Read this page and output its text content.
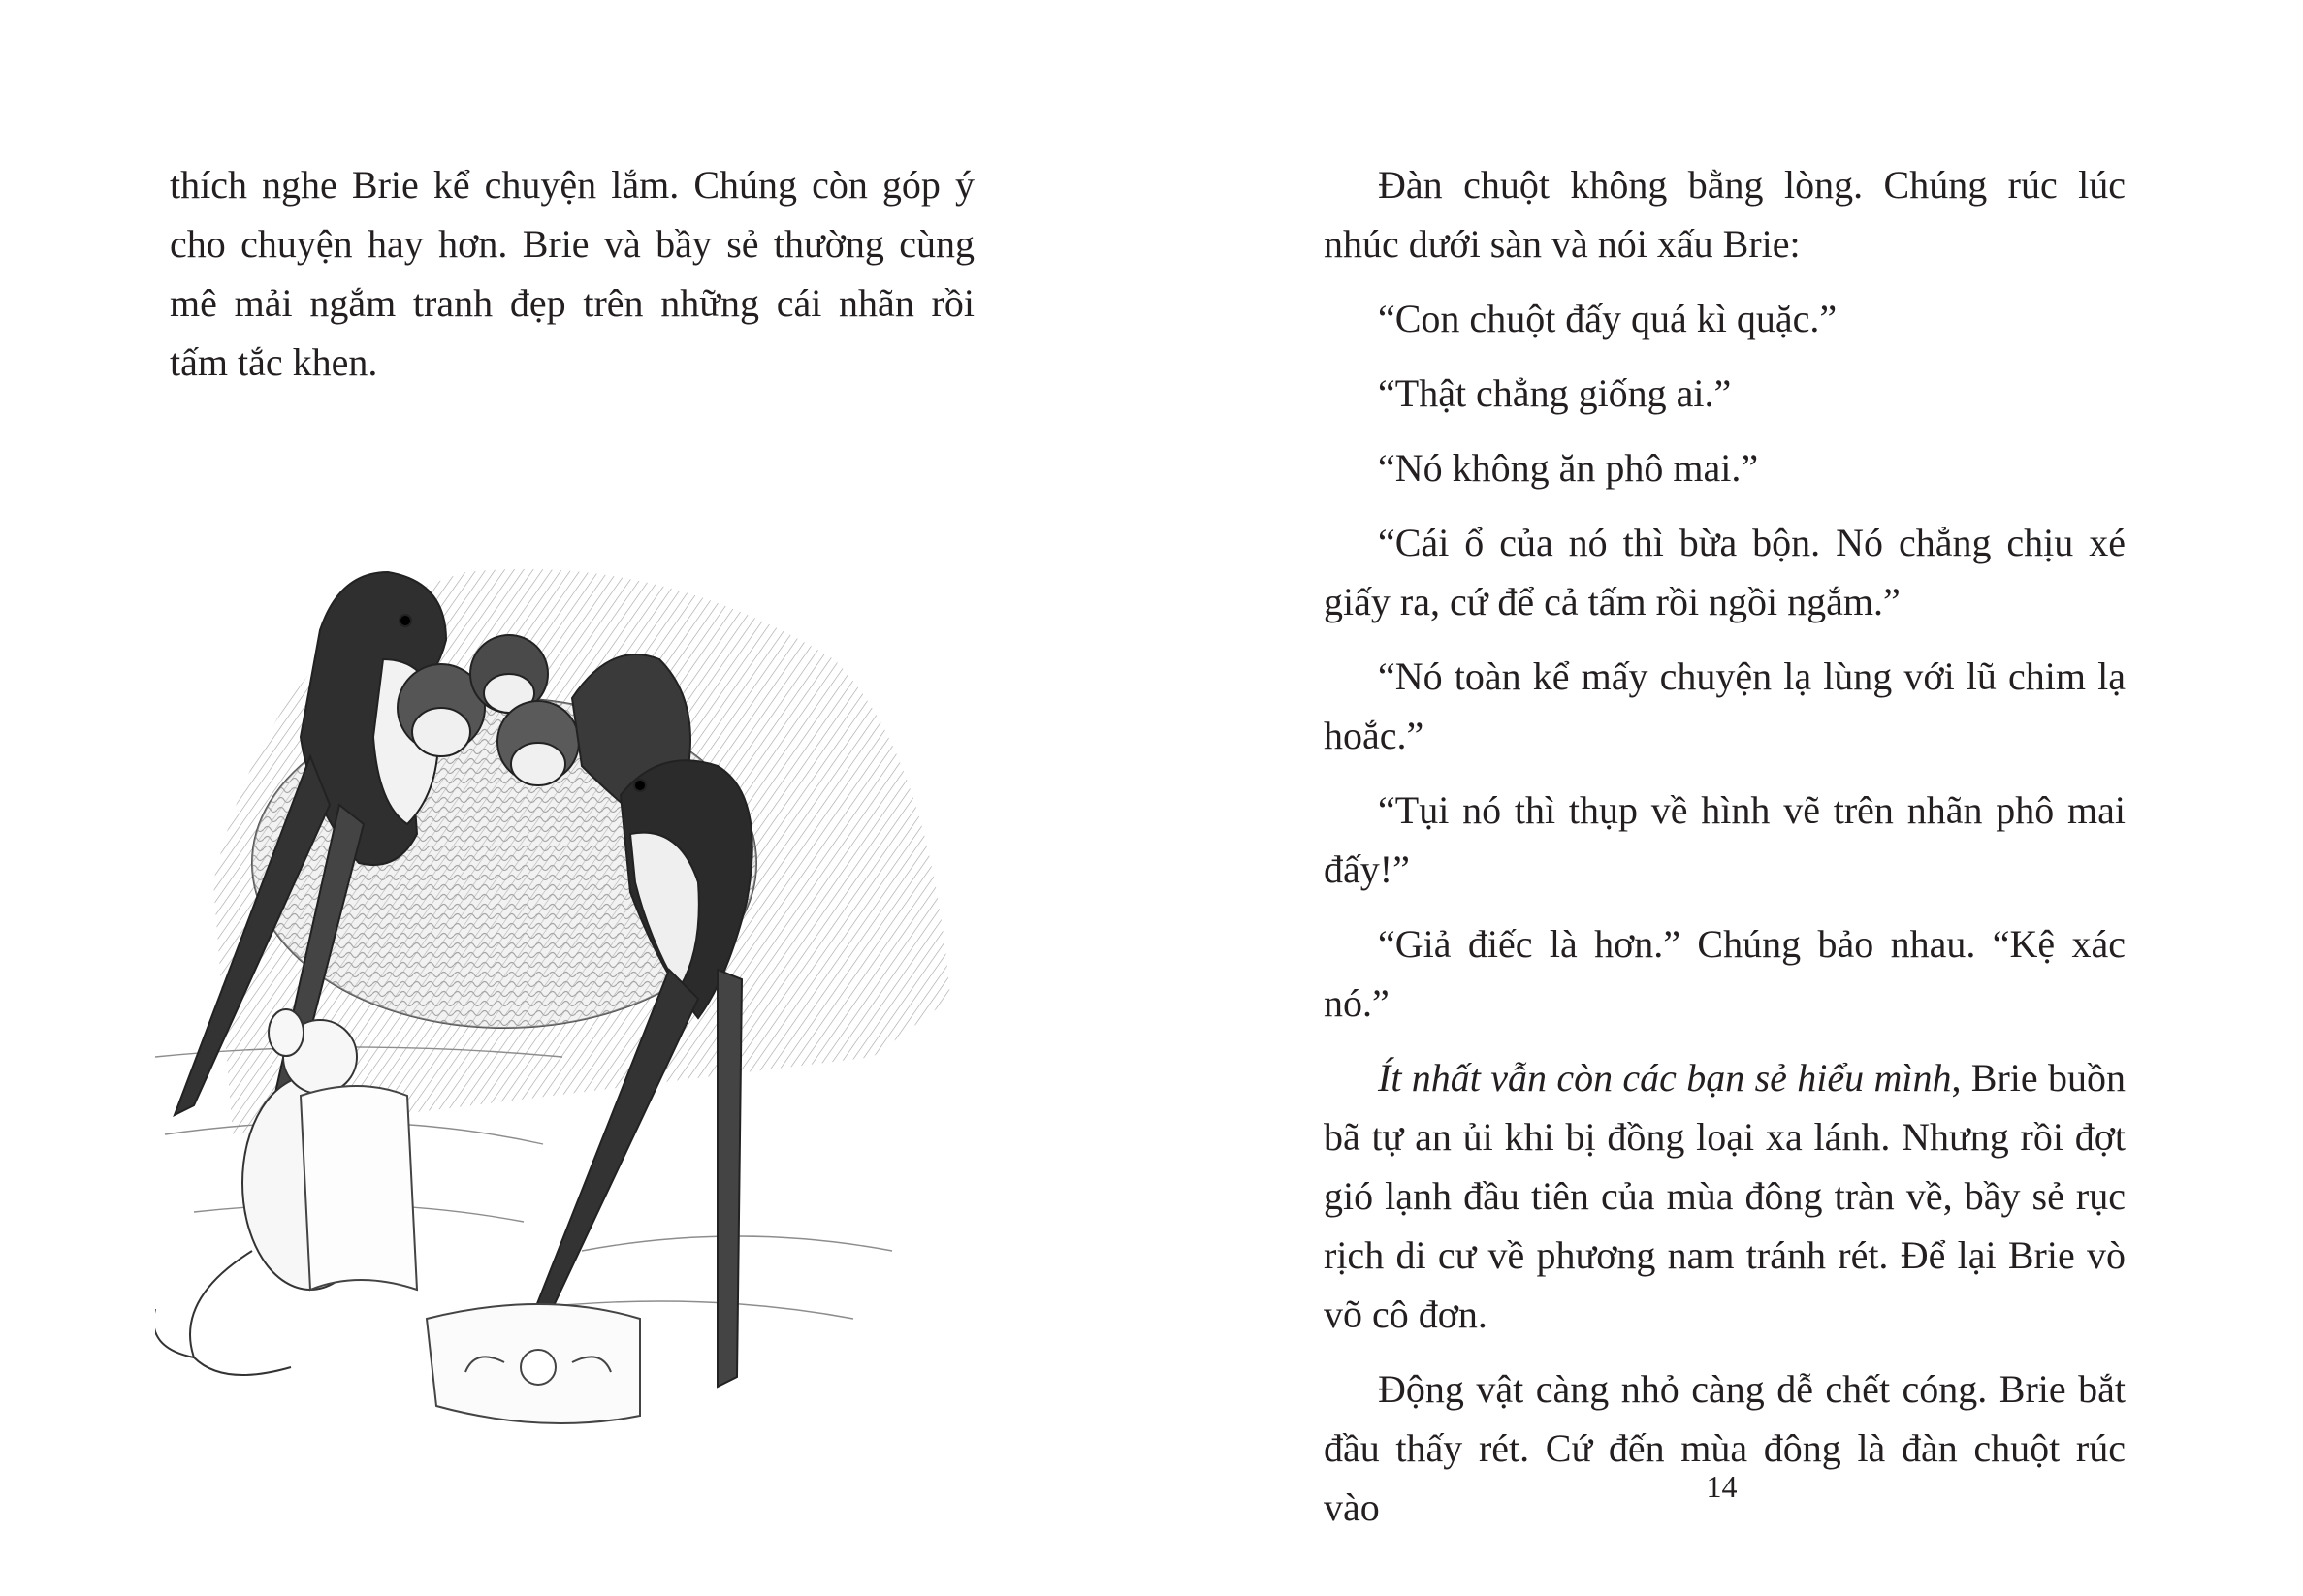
thích nghe Brie kể chuyện lắm. Chúng còn góp ý cho chuyện hay hơn. Brie và bầy sẻ thường cùng mê mải ngắm tranh đẹp trên những cái nhãn rồi tấm tắc khen.

Đàn chuột không bằng lòng. Chúng rúc lúc nhúc dưới sàn và nói xấu Brie:

“Con chuột đấy quá kì quặc.”

“Thật chẳng giống ai.”

“Nó không ăn phô mai.”

“Cái ổ của nó thì bừa bộn. Nó chẳng chịu xé giấy ra, cứ để cả tấm rồi ngồi ngắm.”

“Nó toàn kể mấy chuyện lạ lùng với lũ chim lạ hoắc.”

“Tụi nó thì thụp về hình vẽ trên nhãn phô mai đấy!”

“Giả điếc là hơn.” Chúng bảo nhau. “Kệ xác nó.”

Ít nhất vẫn còn các bạn sẻ hiểu mình, Brie buồn bã tự an ủi khi bị đồng loại xa lánh. Nhưng rồi đợt gió lạnh đầu tiên của mùa đông tràn về, bầy sẻ rục rịch di cư về phương nam tránh rét. Để lại Brie vò võ cô đơn.

Động vật càng nhỏ càng dễ chết cóng. Brie bắt đầu thấy rét. Cứ đến mùa đông là đàn chuột rúc vào	14
